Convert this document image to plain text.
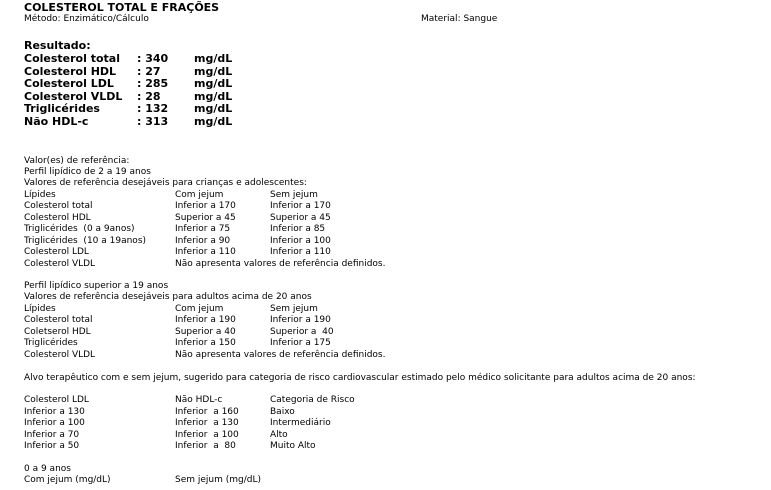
COLESTEROL TOTAL E FRAÇÕES
Método: Enzimático/Cálculo	Material: Sangue
Resultado:
Colesterol total : 340 mg/dL
Colesterol HDL : 27	mg/dL
Colesterol LDL : 285 mg/dL
Colesterol VLDL : 28	mg/dL
Triglicérides	: 132 mg/dL
Não HDL-c	: 313 mg/dL
Valor(es) de referência:
Perfil lipídico de 2 a 19 anos
Valores de referência desejáveis para crianças e adolescentes:
Lípides	Com jejum	Sem jejum
Colesterol total	Inferior a 170	Inferior a 170
Colesterol HDL	Superior a 45	Superior a 45
Triglicérides  (0 a 9anos)	Inferior a 75	Inferior a 85
Triglicérides  (10 a 19anos)	Inferior a 90	Inferior a 100
Colesterol LDL	Inferior a 110	Inferior a 110
Colesterol VLDL	Não apresenta valores de referência definidos.
Perfil lipídico superior a 19 anos
Valores de referência desejáveis para adultos acima de 20 anos
Lípides	Com jejum	Sem jejum
Colesterol total	Inferior a 190	Inferior a 190
Coletserol HDL	Superior a 40	Superior a  40
Triglicérides	Inferior a 150	Inferior a 175
Colesterol VLDL	Não apresenta valores de referência definidos.
Alvo terapêutico com e sem jejum, sugerido para categoria de risco cardiovascular estimado pelo médico solicitante para adultos acima de 20 anos:
Colesterol LDL	Não HDL-c	Categoria de Risco
Inferior a 130	Inferior  a 160	Baixo
Inferior a 100	Inferior  a 130	Intermediário
Inferior a 70	Inferior  a 100	Alto
Inferior a 50	Inferior  a  80	Muito Alto
0 a 9 anos
Com jejum (mg/dL)	Sem jejum (mg/dL)
